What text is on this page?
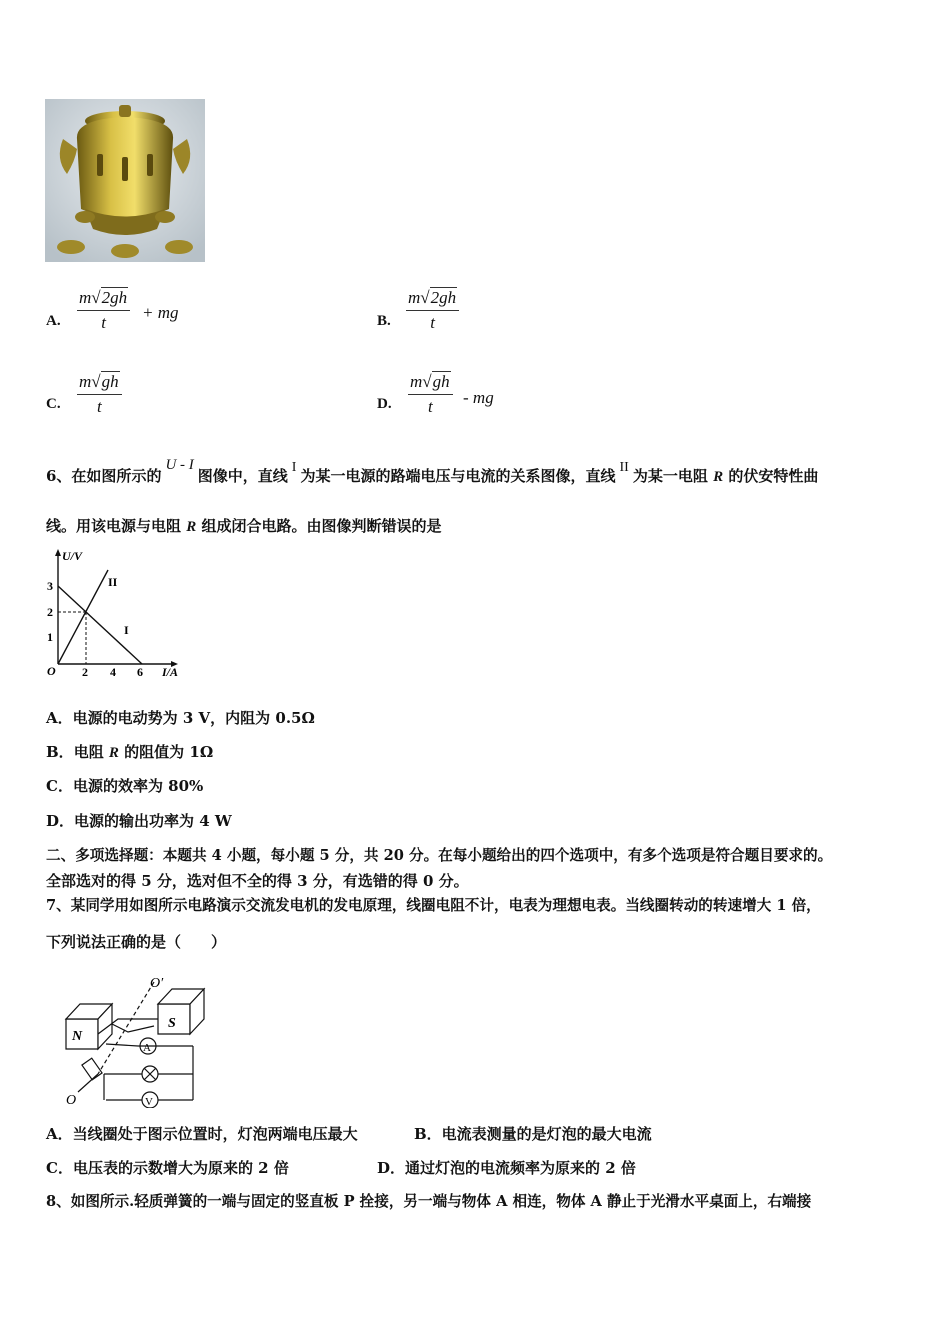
A. $\frac{m√2gh}{t}$ + mg	B. $\frac{m√2gh}{t}$
C. $\frac{m√gh}{t}$	D. $\frac{m√gh}{t}$ - mg
6、在如图所示的U - I图像中，直线 I 为某一电源的路端电压与电流的关系图像，直线 II 为某一电阻 R 的伏安特性曲
线。用该电源与电阻 R 组成闭合电路。由图像判断错误的是
U/V
I/A
O
3
2
1
2 4 6
II
I
A．电源的电动势为 3 V，内阻为 0.5Ω
B．电阻 R 的阻值为 1Ω
C．电源的效率为 80%
D．电源的输出功率为 4 W
二、多项选择题：本题共 4 小题，每小题 5 分，共 20 分。在每小题给出的四个选项中，有多个选项是符合题目要求的。
全部选对的得 5 分，选对但不全的得 3 分，有选错的得 0 分。
7、某同学用如图所示电路演示交流发电机的发电原理，线圈电阻不计，电表为理想电表。当线圈转动的转速增大 1 倍，
下列说法正确的是（　　）
N
S
O′
O
A
V
A．当线圈处于图示位置时，灯泡两端电压最大	B．电流表测量的是灯泡的最大电流
C．电压表的示数增大为原来的 2 倍	D．通过灯泡的电流频率为原来的 2 倍
8、如图所示.轻质弹簧的一端与固定的竖直板 P 拴接，另一端与物体 A 相连，物体 A 静止于光滑水平桌面上，右端接
